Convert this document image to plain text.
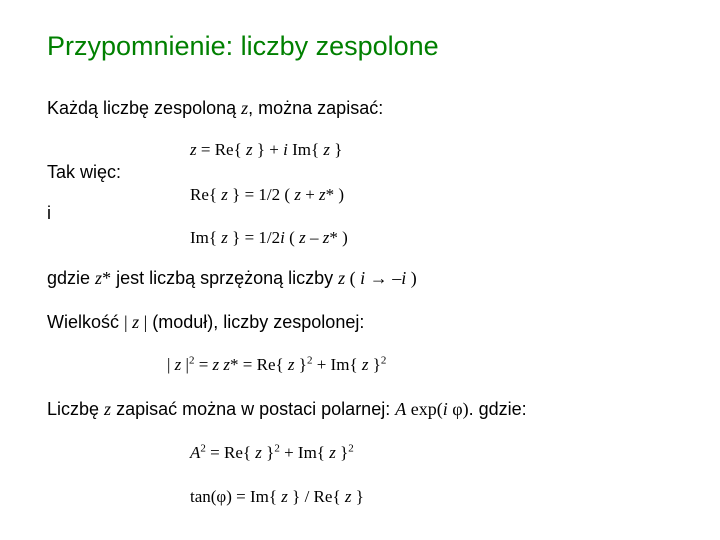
Przypomnienie: liczby zespolone
Każdą liczbę zespoloną z, można zapisać:
z = Re{ z } + i Im{ z }
Tak więc:
Re{ z } = 1/2 ( z + z* )
i
Im{ z } = 1/2i ( z – z* )
gdzie z* jest liczbą sprzężoną liczby z ( i → –i )
Wielkość | z | (moduł), liczby zespolonej:
| z $|^2 = z$ z* = Re{ z }$^2$ + Im{ z }$^2$
Liczbę z zapisać można w postaci polarnej: A exp(i φ). gdzie:
$A^2 = Re${ z }$^2$ + Im{ z }$^2$
tan(φ) = Im{ z } / Re{ z }
